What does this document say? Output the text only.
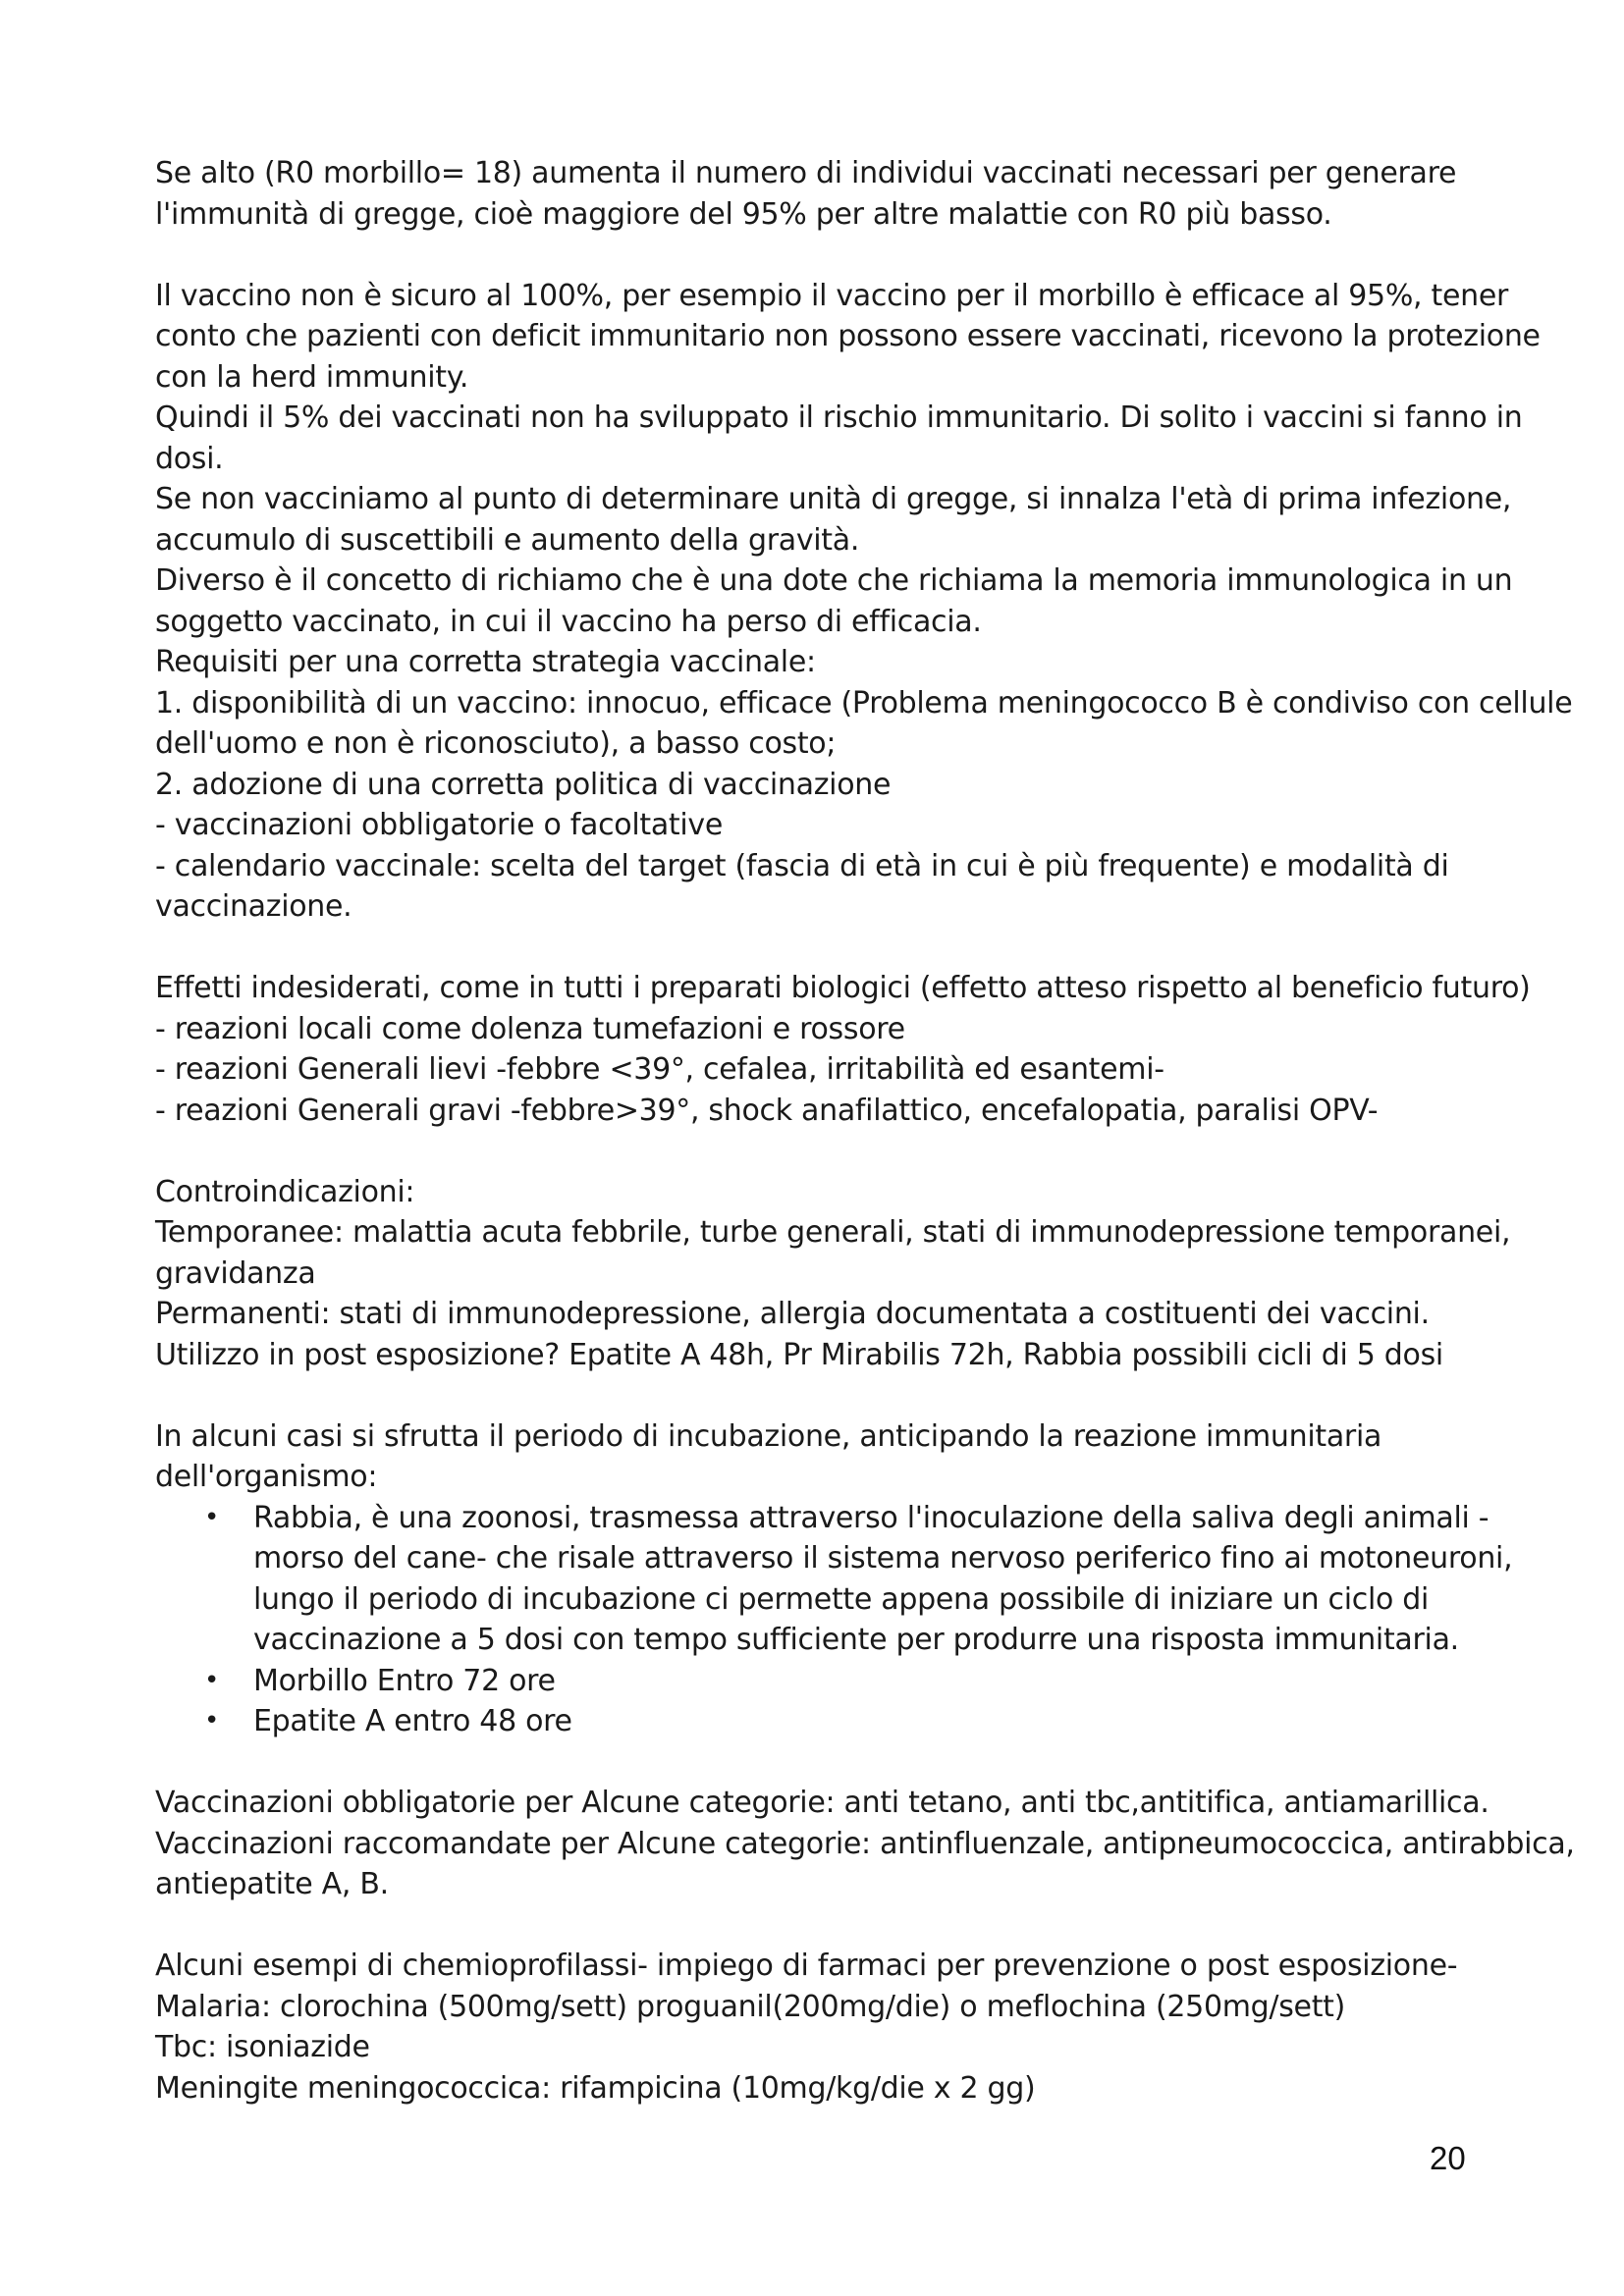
Se alto (R0 morbillo= 18) aumenta il numero di individui vaccinati necessari per generare
l'immunità di gregge, cioè maggiore del 95% per altre malattie con R0 più basso.

Il vaccino non è sicuro al 100%, per esempio il vaccino per il morbillo è efficace al 95%, tener
conto che pazienti con deficit immunitario non possono essere vaccinati, ricevono la protezione
con la herd immunity.
Quindi il 5% dei vaccinati non ha sviluppato il rischio immunitario. Di solito i vaccini si fanno in
dosi.
Se non vacciniamo al punto di determinare unità di gregge, si innalza l'età di prima infezione,
accumulo di suscettibili e aumento della gravità.
Diverso è il concetto di richiamo che è una dote che richiama la memoria immunologica in un
soggetto vaccinato, in cui il vaccino ha perso di efficacia.
Requisiti per una corretta strategia vaccinale:
1. disponibilità di un vaccino: innocuo, efficace (Problema meningococco B è condiviso con cellule
dell'uomo e non è riconosciuto), a basso costo;
2. adozione di una corretta politica di vaccinazione
- vaccinazioni obbligatorie o facoltative
- calendario vaccinale: scelta del target (fascia di età in cui è più frequente) e modalità di
vaccinazione.

Effetti indesiderati, come in tutti i preparati biologici (effetto atteso rispetto al beneficio futuro)
- reazioni locali come dolenza tumefazioni e rossore
- reazioni Generali lievi -febbre <39°, cefalea, irritabilità ed esantemi-
- reazioni Generali gravi -febbre>39°, shock anafilattico, encefalopatia, paralisi OPV-

Controindicazioni:
Temporanee: malattia acuta febbrile, turbe generali, stati di immunodepressione temporanei,
gravidanza
Permanenti: stati di immunodepressione, allergia documentata a costituenti dei vaccini.
Utilizzo in post esposizione? Epatite A 48h, Pr Mirabilis 72h, Rabbia possibili cicli di 5 dosi

In alcuni casi si sfrutta il periodo di incubazione, anticipando la reazione immunitaria
dell'organismo:

• Rabbia, è una zoonosi, trasmessa attraverso l'inoculazione della saliva degli animali -
morso del cane- che risale attraverso il sistema nervoso periferico fino ai motoneuroni,
lungo il periodo di incubazione ci permette appena possibile di iniziare un ciclo di
vaccinazione a 5 dosi con tempo sufficiente per produrre una risposta immunitaria.
• Morbillo Entro 72 ore
• Epatite A entro 48 ore

Vaccinazioni obbligatorie per Alcune categorie: anti tetano, anti tbc,antitifica, antiamarillica.
Vaccinazioni raccomandate per Alcune categorie: antinfluenzale, antipneumococcica, antirabbica,
antiepatite A, B.

Alcuni esempi di chemioprofilassi- impiego di farmaci per prevenzione o post esposizione-
Malaria: clorochina (500mg/sett) proguanil(200mg/die) o meflochina (250mg/sett)
Tbc: isoniazide
Meningite meningococcica: rifampicina (10mg/kg/die x 2 gg)

20
